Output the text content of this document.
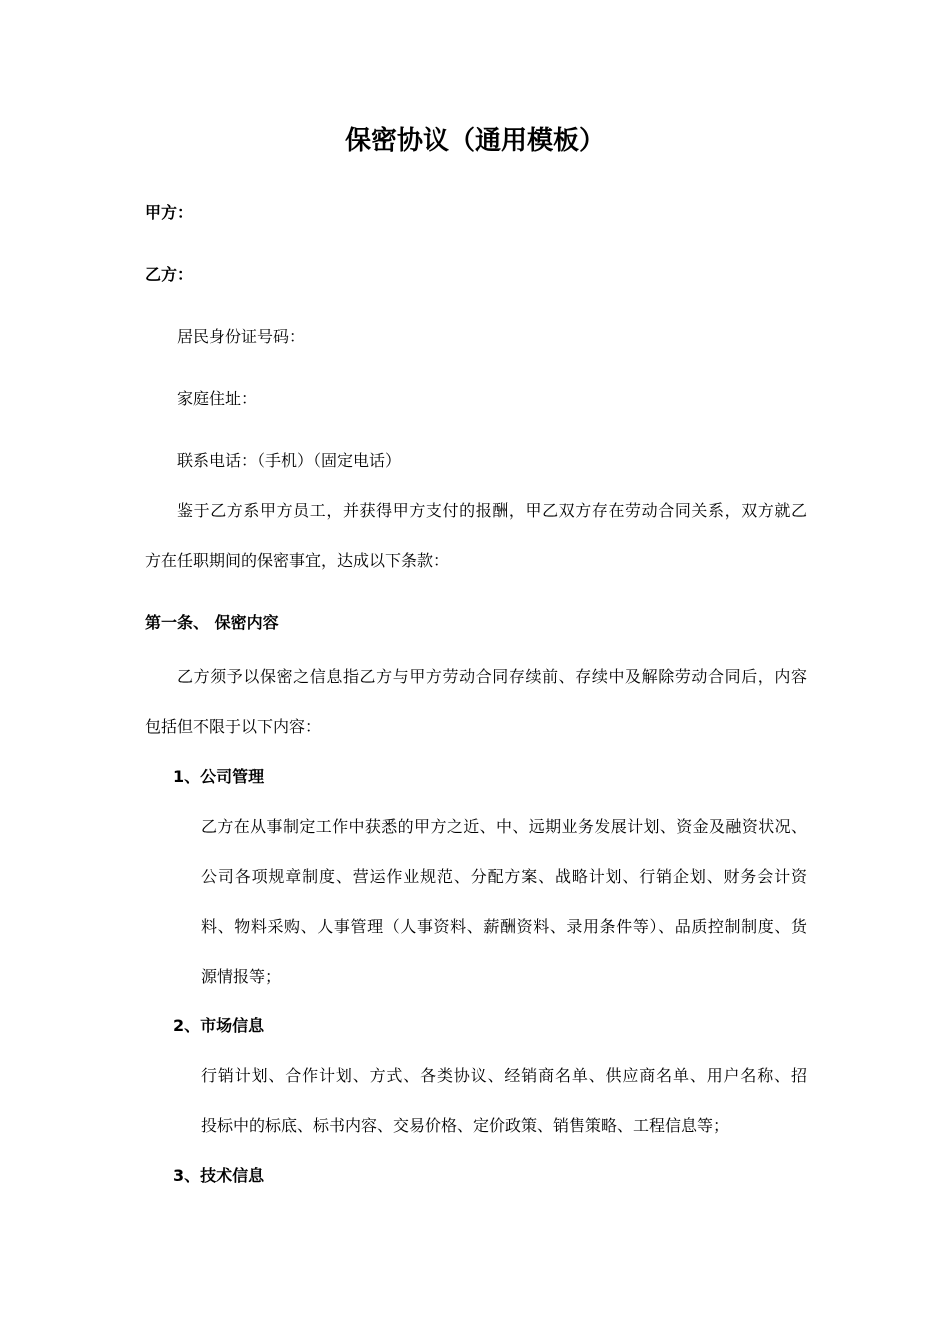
保密协议（通用模板）
甲方：
乙方：
居民身份证号码：
家庭住址：
联系电话：（手机）（固定电话）
鉴于乙方系甲方员工，并获得甲方支付的报酬，甲乙双方存在劳动合同关系，双方就乙
方在任职期间的保密事宜，达成以下条款：
第一条、 保密内容
乙方须予以保密之信息指乙方与甲方劳动合同存续前、存续中及解除劳动合同后，内容
包括但不限于以下内容：
1、公司管理
乙方在从事制定工作中获悉的甲方之近、中、远期业务发展计划、资金及融资状况、
公司各项规章制度、营运作业规范、分配方案、战略计划、行销企划、财务会计资
料、物料采购、人事管理（人事资料、薪酬资料、录用条件等）、品质控制制度、货
源情报等；
2、市场信息
行销计划、合作计划、方式、各类协议、经销商名单、供应商名单、用户名称、招
投标中的标底、标书内容、交易价格、定价政策、销售策略、工程信息等；
3、技术信息
